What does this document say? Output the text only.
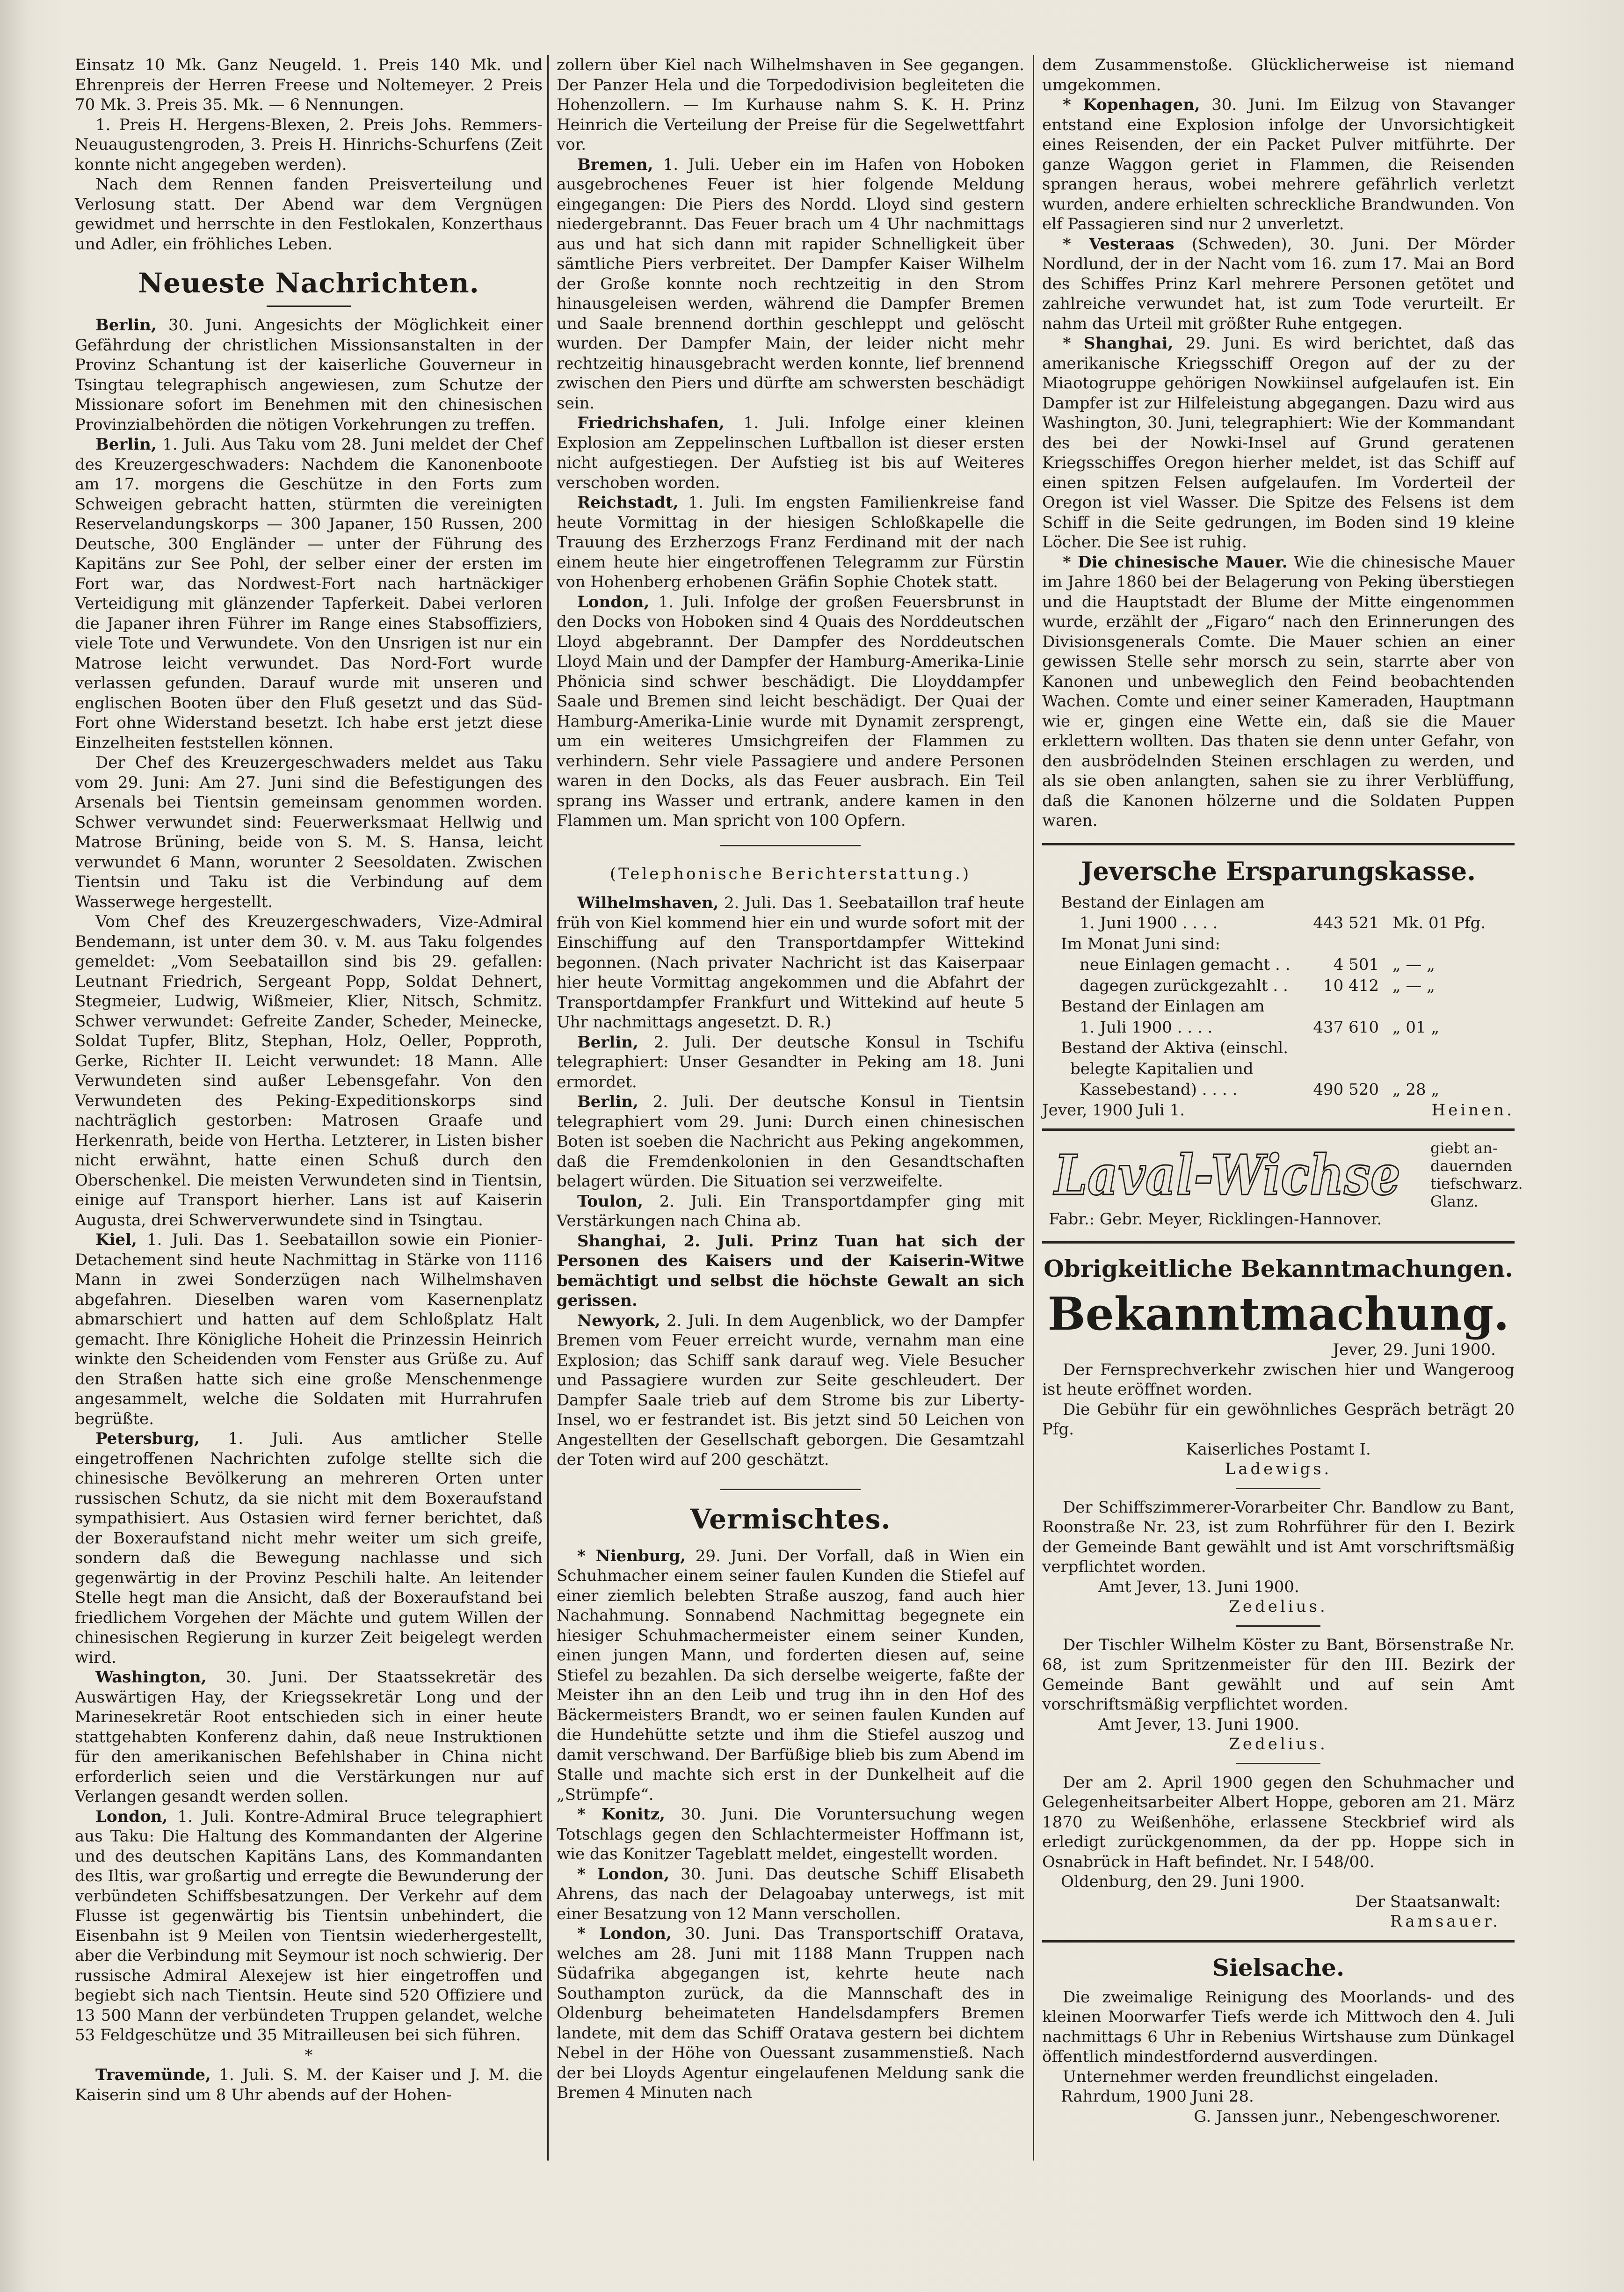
Einsatz 10 Mk. Ganz Neugeld. 1. Preis 140 Mk. und Ehrenpreis der Herren Freese und Noltemeyer. 2 Preis 70 Mk. 3. Preis 35. Mk. — 6 Nennungen.

1. Preis H. Hergens-Blexen, 2. Preis Johs. Remmers-Neuaugustengroden, 3. Preis H. Hinrichs-Schurfens (Zeit konnte nicht angegeben werden).

Nach dem Rennen fanden Preisverteilung und Verlosung statt. Der Abend war dem Vergnügen gewidmet und herrschte in den Festlokalen, Konzerthaus und Adler, ein fröhliches Leben.

Neueste Nachrichten.

Berlin, 30. Juni. Angesichts der Möglichkeit einer Gefährdung der christlichen Missionsanstalten in der Provinz Schantung ist der kaiserliche Gouverneur in Tsingtau telegraphisch angewiesen, zum Schutze der Missionare sofort im Benehmen mit den chinesischen Provinzialbehörden die nötigen Vorkehrungen zu treffen.

Berlin, 1. Juli. Aus Taku vom 28. Juni meldet der Chef des Kreuzergeschwaders: Nachdem die Kanonenboote am 17. morgens die Geschütze in den Forts zum Schweigen gebracht hatten, stürmten die vereinigten Reservelandungskorps — 300 Japaner, 150 Russen, 200 Deutsche, 300 Engländer — unter der Führung des Kapitäns zur See Pohl, der selber einer der ersten im Fort war, das Nordwest-Fort nach hartnäckiger Verteidigung mit glänzender Tapferkeit. Dabei verloren die Japaner ihren Führer im Range eines Stabsoffiziers, viele Tote und Verwundete. Von den Unsrigen ist nur ein Matrose leicht verwundet. Das Nord-Fort wurde verlassen gefunden. Darauf wurde mit unseren und englischen Booten über den Fluß gesetzt und das Süd-Fort ohne Widerstand besetzt. Ich habe erst jetzt diese Einzelheiten feststellen können.

Der Chef des Kreuzergeschwaders meldet aus Taku vom 29. Juni: Am 27. Juni sind die Befestigungen des Arsenals bei Tientsin gemeinsam genommen worden. Schwer verwundet sind: Feuerwerksmaat Hellwig und Matrose Brüning, beide von S. M. S. Hansa, leicht verwundet 6 Mann, worunter 2 Seesoldaten. Zwischen Tientsin und Taku ist die Verbindung auf dem Wasserwege hergestellt.

Vom Chef des Kreuzergeschwaders, Vize-Admiral Bendemann, ist unter dem 30. v. M. aus Taku folgendes gemeldet: „Vom Seebataillon sind bis 29. gefallen: Leutnant Friedrich, Sergeant Popp, Soldat Dehnert, Stegmeier, Ludwig, Wißmeier, Klier, Nitsch, Schmitz. Schwer verwundet: Gefreite Zander, Scheder, Meinecke, Soldat Tupfer, Blitz, Stephan, Holz, Oeller, Popproth, Gerke, Richter II. Leicht verwundet: 18 Mann. Alle Verwundeten sind außer Lebensgefahr. Von den Verwundeten des Peking-Expeditionskorps sind nachträglich gestorben: Matrosen Graafe und Herkenrath, beide von Hertha. Letzterer, in Listen bisher nicht erwähnt, hatte einen Schuß durch den Oberschenkel. Die meisten Verwundeten sind in Tientsin, einige auf Transport hierher. Lans ist auf Kaiserin Augusta, drei Schwerverwundete sind in Tsingtau.

Kiel, 1. Juli. Das 1. Seebataillon sowie ein Pionier-Detachement sind heute Nachmittag in Stärke von 1116 Mann in zwei Sonderzügen nach Wilhelmshaven abgefahren. Dieselben waren vom Kasernenplatz abmarschiert und hatten auf dem Schloßplatz Halt gemacht. Ihre Königliche Hoheit die Prinzessin Heinrich winkte den Scheidenden vom Fenster aus Grüße zu. Auf den Straßen hatte sich eine große Menschenmenge angesammelt, welche die Soldaten mit Hurrahrufen begrüßte.

Petersburg, 1. Juli. Aus amtlicher Stelle eingetroffenen Nachrichten zufolge stellte sich die chinesische Bevölkerung an mehreren Orten unter russischen Schutz, da sie nicht mit dem Boxeraufstand sympathisiert. Aus Ostasien wird ferner berichtet, daß der Boxeraufstand nicht mehr weiter um sich greife, sondern daß die Bewegung nachlasse und sich gegenwärtig in der Provinz Peschili halte. An leitender Stelle hegt man die Ansicht, daß der Boxeraufstand bei friedlichem Vorgehen der Mächte und gutem Willen der chinesischen Regierung in kurzer Zeit beigelegt werden wird.

Washington, 30. Juni. Der Staatssekretär des Auswärtigen Hay, der Kriegssekretär Long und der Marinesekretär Root entschieden sich in einer heute stattgehabten Konferenz dahin, daß neue Instruktionen für den amerikanischen Befehlshaber in China nicht erforderlich seien und die Verstärkungen nur auf Verlangen gesandt werden sollen.

London, 1. Juli. Kontre-Admiral Bruce telegraphiert aus Taku: Die Haltung des Kommandanten der Algerine und des deutschen Kapitäns Lans, des Kommandanten des Iltis, war großartig und erregte die Bewunderung der verbündeten Schiffsbesatzungen. Der Verkehr auf dem Flusse ist gegenwärtig bis Tientsin unbehindert, die Eisenbahn ist 9 Meilen von Tientsin wiederhergestellt, aber die Verbindung mit Seymour ist noch schwierig. Der russische Admiral Alexejew ist hier eingetroffen und begiebt sich nach Tientsin. Heute sind 520 Offiziere und 13 500 Mann der verbündeten Truppen gelandet, welche 53 Feldgeschütze und 35 Mitrailleusen bei sich führen.

*

Travemünde, 1. Juli. S. M. der Kaiser und J. M. die Kaiserin sind um 8 Uhr abends auf der Hohen-

zollern über Kiel nach Wilhelmshaven in See gegangen. Der Panzer Hela und die Torpedodivision begleiteten die Hohenzollern. — Im Kurhause nahm S. K. H. Prinz Heinrich die Verteilung der Preise für die Segelwettfahrt vor.

Bremen, 1. Juli. Ueber ein im Hafen von Hoboken ausgebrochenes Feuer ist hier folgende Meldung eingegangen: Die Piers des Nordd. Lloyd sind gestern niedergebrannt. Das Feuer brach um 4 Uhr nachmittags aus und hat sich dann mit rapider Schnelligkeit über sämtliche Piers verbreitet. Der Dampfer Kaiser Wilhelm der Große konnte noch rechtzeitig in den Strom hinausgeleisen werden, während die Dampfer Bremen und Saale brennend dorthin geschleppt und gelöscht wurden. Der Dampfer Main, der leider nicht mehr rechtzeitig hinausgebracht werden konnte, lief brennend zwischen den Piers und dürfte am schwersten beschädigt sein.

Friedrichshafen, 1. Juli. Infolge einer kleinen Explosion am Zeppelinschen Luftballon ist dieser ersten nicht aufgestiegen. Der Aufstieg ist bis auf Weiteres verschoben worden.

Reichstadt, 1. Juli. Im engsten Familienkreise fand heute Vormittag in der hiesigen Schloßkapelle die Trauung des Erzherzogs Franz Ferdinand mit der nach einem heute hier eingetroffenen Telegramm zur Fürstin von Hohenberg erhobenen Gräfin Sophie Chotek statt.

London, 1. Juli. Infolge der großen Feuersbrunst in den Docks von Hoboken sind 4 Quais des Norddeutschen Lloyd abgebrannt. Der Dampfer des Norddeutschen Lloyd Main und der Dampfer der Hamburg-Amerika-Linie Phönicia sind schwer beschädigt. Die Lloyddampfer Saale und Bremen sind leicht beschädigt. Der Quai der Hamburg-Amerika-Linie wurde mit Dynamit zersprengt, um ein weiteres Umsichgreifen der Flammen zu verhindern. Sehr viele Passagiere und andere Personen waren in den Docks, als das Feuer ausbrach. Ein Teil sprang ins Wasser und ertrank, andere kamen in den Flammen um. Man spricht von 100 Opfern.

(Telephonische Berichterstattung.)

Wilhelmshaven, 2. Juli. Das 1. Seebataillon traf heute früh von Kiel kommend hier ein und wurde sofort mit der Einschiffung auf den Transportdampfer Wittekind begonnen. (Nach privater Nachricht ist das Kaiserpaar hier heute Vormittag angekommen und die Abfahrt der Transportdampfer Frankfurt und Wittekind auf heute 5 Uhr nachmittags angesetzt. D. R.)

Berlin, 2. Juli. Der deutsche Konsul in Tschifu telegraphiert: Unser Gesandter in Peking am 18. Juni ermordet.

Berlin, 2. Juli. Der deutsche Konsul in Tientsin telegraphiert vom 29. Juni: Durch einen chinesischen Boten ist soeben die Nachricht aus Peking angekommen, daß die Fremdenkolonien in den Gesandtschaften belagert würden. Die Situation sei verzweifelte.

Toulon, 2. Juli. Ein Transportdampfer ging mit Verstärkungen nach China ab.

Shanghai, 2. Juli. Prinz Tuan hat sich der Personen des Kaisers und der Kaiserin-Witwe bemächtigt und selbst die höchste Gewalt an sich gerissen.

Newyork, 2. Juli. In dem Augenblick, wo der Dampfer Bremen vom Feuer erreicht wurde, vernahm man eine Explosion; das Schiff sank darauf weg. Viele Besucher und Passagiere wurden zur Seite geschleudert. Der Dampfer Saale trieb auf dem Strome bis zur Liberty-Insel, wo er festrandet ist. Bis jetzt sind 50 Leichen von Angestellten der Gesellschaft geborgen. Die Gesamtzahl der Toten wird auf 200 geschätzt.

Vermischtes.

* Nienburg, 29. Juni. Der Vorfall, daß in Wien ein Schuhmacher einem seiner faulen Kunden die Stiefel auf einer ziemlich belebten Straße auszog, fand auch hier Nachahmung. Sonnabend Nachmittag begegnete ein hiesiger Schuhmachermeister einem seiner Kunden, einen jungen Mann, und forderten diesen auf, seine Stiefel zu bezahlen. Da sich derselbe weigerte, faßte der Meister ihn an den Leib und trug ihn in den Hof des Bäckermeisters Brandt, wo er seinen faulen Kunden auf die Hundehütte setzte und ihm die Stiefel auszog und damit verschwand. Der Barfüßige blieb bis zum Abend im Stalle und machte sich erst in der Dunkelheit auf die „Strümpfe“.

* Konitz, 30. Juni. Die Voruntersuchung wegen Totschlags gegen den Schlachtermeister Hoffmann ist, wie das Konitzer Tageblatt meldet, eingestellt worden.

* London, 30. Juni. Das deutsche Schiff Elisabeth Ahrens, das nach der Delagoabay unterwegs, ist mit einer Besatzung von 12 Mann verschollen.

* London, 30. Juni. Das Transportschiff Oratava, welches am 28. Juni mit 1188 Mann Truppen nach Südafrika abgegangen ist, kehrte heute nach Southampton zurück, da die Mannschaft des in Oldenburg beheimateten Handelsdampfers Bremen landete, mit dem das Schiff Oratava gestern bei dichtem Nebel in der Höhe von Ouessant zusammenstieß. Nach der bei Lloyds Agentur eingelaufenen Meldung sank die Bremen 4 Minuten nach

dem Zusammenstoße. Glücklicherweise ist niemand umgekommen.

* Kopenhagen, 30. Juni. Im Eilzug von Stavanger entstand eine Explosion infolge der Unvorsichtigkeit eines Reisenden, der ein Packet Pulver mitführte. Der ganze Waggon geriet in Flammen, die Reisenden sprangen heraus, wobei mehrere gefährlich verletzt wurden, andere erhielten schreckliche Brandwunden. Von elf Passagieren sind nur 2 unverletzt.

* Vesteraas (Schweden), 30. Juni. Der Mörder Nordlund, der in der Nacht vom 16. zum 17. Mai an Bord des Schiffes Prinz Karl mehrere Personen getötet und zahlreiche verwundet hat, ist zum Tode verurteilt. Er nahm das Urteil mit größter Ruhe entgegen.

* Shanghai, 29. Juni. Es wird berichtet, daß das amerikanische Kriegsschiff Oregon auf der zu der Miaotogruppe gehörigen Nowkiinsel aufgelaufen ist. Ein Dampfer ist zur Hilfeleistung abgegangen. Dazu wird aus Washington, 30. Juni, telegraphiert: Wie der Kommandant des bei der Nowki-Insel auf Grund geratenen Kriegsschiffes Oregon hierher meldet, ist das Schiff auf einen spitzen Felsen aufgelaufen. Im Vorderteil der Oregon ist viel Wasser. Die Spitze des Felsens ist dem Schiff in die Seite gedrungen, im Boden sind 19 kleine Löcher. Die See ist ruhig.

* Die chinesische Mauer. Wie die chinesische Mauer im Jahre 1860 bei der Belagerung von Peking überstiegen und die Hauptstadt der Blume der Mitte eingenommen wurde, erzählt der „Figaro“ nach den Erinnerungen des Divisionsgenerals Comte. Die Mauer schien an einer gewissen Stelle sehr morsch zu sein, starrte aber von Kanonen und unbeweglich den Feind beobachtenden Wachen. Comte und einer seiner Kameraden, Hauptmann wie er, gingen eine Wette ein, daß sie die Mauer erklettern wollten. Das thaten sie denn unter Gefahr, von den ausbrödelnden Steinen erschlagen zu werden, und als sie oben anlangten, sahen sie zu ihrer Verblüffung, daß die Kanonen hölzerne und die Soldaten Puppen waren.

Jeversche Ersparungskasse.
Bestand der Einlagen am		
1. Juni 1900 . . . .	443 521	Mk. 01 Pfg.
Im Monat Juni sind:		
neue Einlagen gemacht . .	4 501	„ — „
dagegen zurückgezahlt . .	10 412	„ — „
Bestand der Einlagen am		
1. Juli 1900 . . . .	437 610	„ 01 „
Bestand der Aktiva (einschl.		
belegte Kapitalien und		
Kassebestand) . . . .	490 520	„ 28 „
Jever, 1900 Juli 1.	Heinen.
Laval-Wichse giebt an-
dauernden
tiefschwarz.
Glanz.
Fabr.: Gebr. Meyer, Ricklingen-Hannover.
Obrigkeitliche Bekanntmachungen.
Bekanntmachung.
Jever, 29. Juni 1900.

Der Fernsprechverkehr zwischen hier und Wangeroog ist heute eröffnet worden.

Die Gebühr für ein gewöhnliches Gespräch beträgt 20 Pfg.

Kaiserliches Postamt I.
Ladewigs.

Der Schiffszimmerer-Vorarbeiter Chr. Bandlow zu Bant, Roonstraße Nr. 23, ist zum Rohrführer für den I. Bezirk der Gemeinde Bant gewählt und ist Amt vorschriftsmäßig verpflichtet worden.

Amt Jever, 13. Juni 1900.
Zedelius.

Der Tischler Wilhelm Köster zu Bant, Börsenstraße Nr. 68, ist zum Spritzenmeister für den III. Bezirk der Gemeinde Bant gewählt und auf sein Amt vorschriftsmäßig verpflichtet worden.

Amt Jever, 13. Juni 1900.
Zedelius.

Der am 2. April 1900 gegen den Schuhmacher und Gelegenheitsarbeiter Albert Hoppe, geboren am 21. März 1870 zu Weißenhöhe, erlassene Steckbrief wird als erledigt zurückgenommen, da der pp. Hoppe sich in Osnabrück in Haft befindet. Nr. I 548/00.

Oldenburg, den 29. Juni 1900.
Der Staatsanwalt:
Ramsauer.
Sielsache.

Die zweimalige Reinigung des Moorlands- und des kleinen Moorwarfer Tiefs werde ich Mittwoch den 4. Juli nachmittags 6 Uhr in Rebenius Wirtshause zum Dünkagel öffentlich mindestfordernd ausverdingen.

Unternehmer werden freundlichst eingeladen.

Rahrdum, 1900 Juni 28.
G. Janssen junr., Nebengeschworener.
